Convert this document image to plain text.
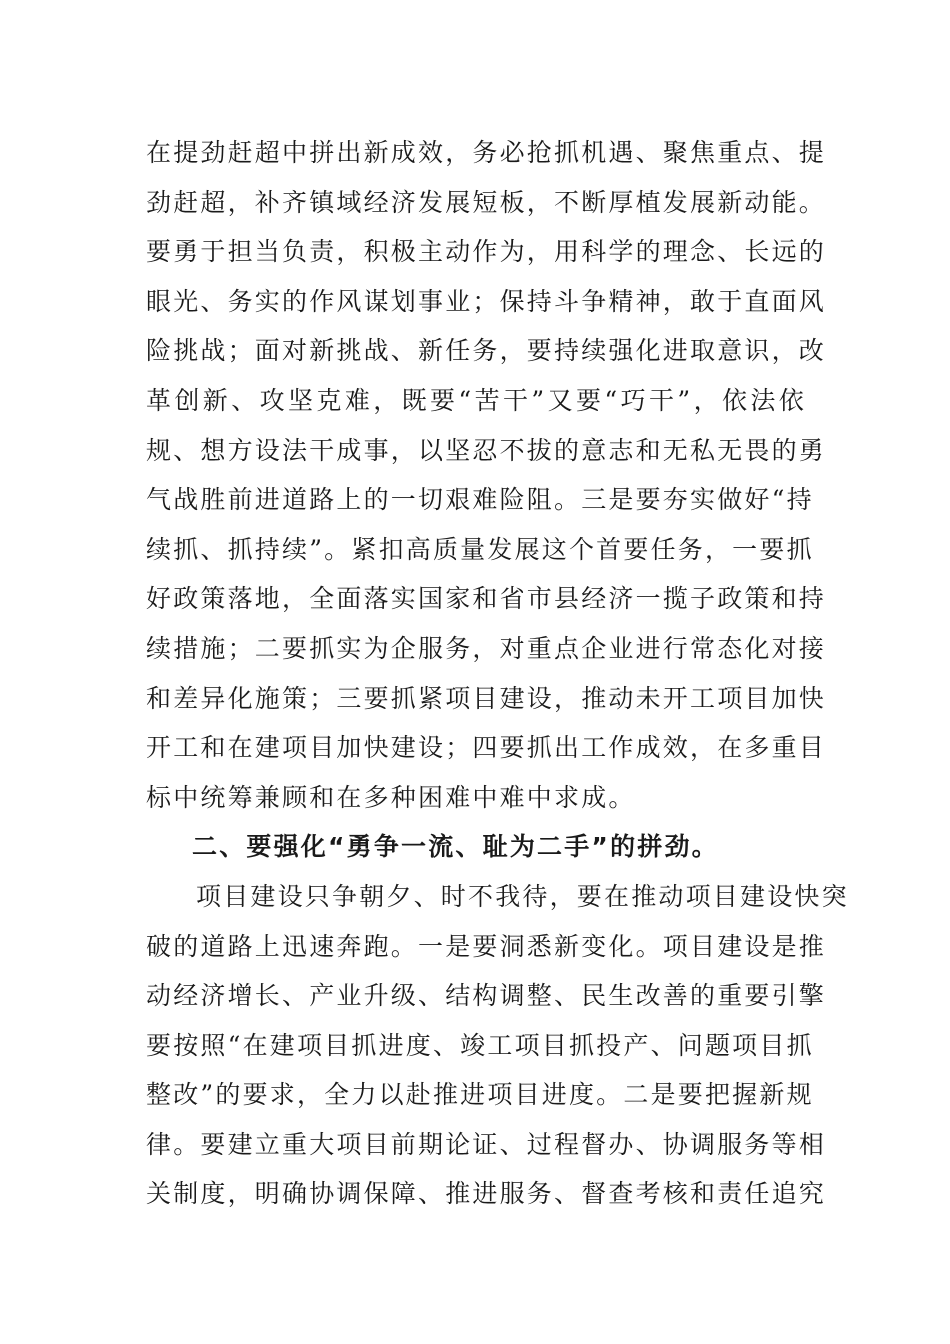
在提劲赶超中拼出新成效，务必抢抓机遇、聚焦重点、提
劲赶超，补齐镇域经济发展短板，不断厚植发展新动能。
要勇于担当负责，积极主动作为，用科学的理念、长远的
眼光、务实的作风谋划事业；保持斗争精神，敢于直面风
险挑战；面对新挑战、新任务，要持续强化进取意识，改
革创新、攻坚克难，既要“苦干”又要“巧干”，依法依
规、想方设法干成事，以坚忍不拔的意志和无私无畏的勇
气战胜前进道路上的一切艰难险阻。三是要夯实做好“持
续抓、抓持续”。紧扣高质量发展这个首要任务，一要抓
好政策落地，全面落实国家和省市县经济一揽子政策和持
续措施；二要抓实为企服务，对重点企业进行常态化对接
和差异化施策；三要抓紧项目建设，推动未开工项目加快
开工和在建项目加快建设；四要抓出工作成效，在多重目
标中统筹兼顾和在多种困难中难中求成。
二、要强化“勇争一流、耻为二手”的拼劲。
项目建设只争朝夕、时不我待，要在推动项目建设快突
破的道路上迅速奔跑。一是要洞悉新变化。项目建设是推
动经济增长、产业升级、结构调整、民生改善的重要引擎
要按照“在建项目抓进度、竣工项目抓投产、问题项目抓
整改”的要求，全力以赴推进项目进度。二是要把握新规
律。要建立重大项目前期论证、过程督办、协调服务等相
关制度，明确协调保障、推进服务、督查考核和责任追究
